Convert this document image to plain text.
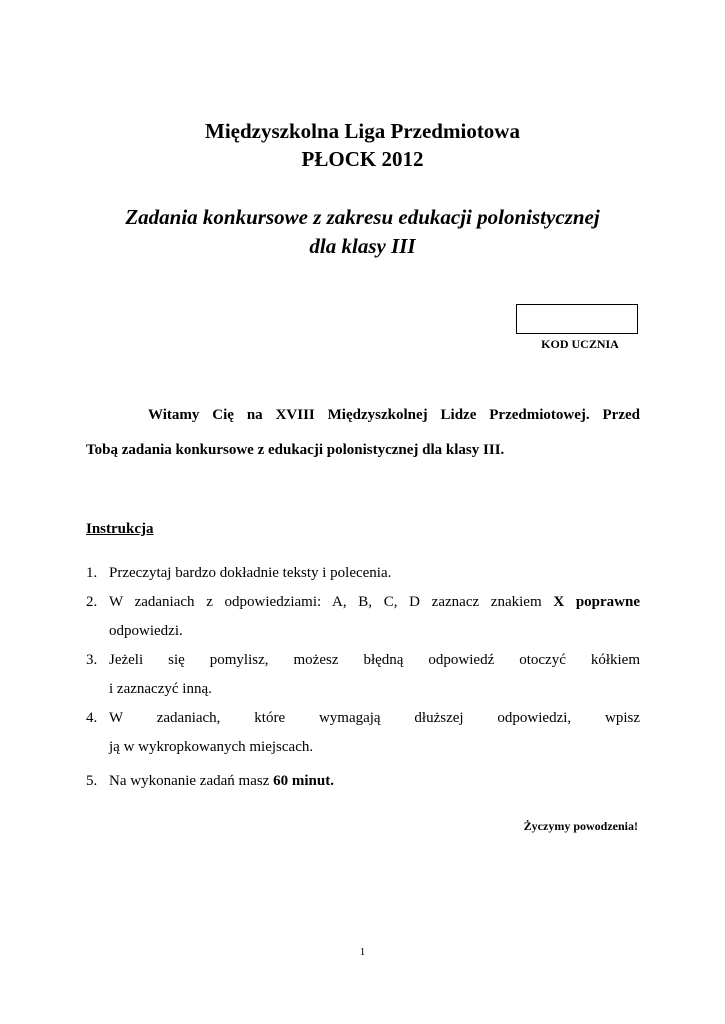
Międzyszkolna Liga Przedmiotowa

PŁOCK 2012

Zadania konkursowe z zakresu edukacji polonistycznej

dla klasy III

KOD UCZNIA
Witamy Cię na XVIII Międzyszkolnej Lidze Przedmiotowej. Przed
Tobą zadania konkursowe z edukacji polonistycznej dla klasy III.
Instrukcja
1. Przeczytaj bardzo dokładnie teksty i polecenia.
2. W zadaniach z odpowiedziami: A, B, C, D zaznacz znakiem X poprawne
odpowiedzi.
3. Jeżeli się pomylisz, możesz błędną odpowiedź otoczyć kółkiem
i zaznaczyć inną.
4. W zadaniach, które wymagają dłuższej odpowiedzi, wpisz
ją w wykropkowanych miejscach.
5. Na wykonanie zadań masz 60 minut.
Życzymy powodzenia!
1
